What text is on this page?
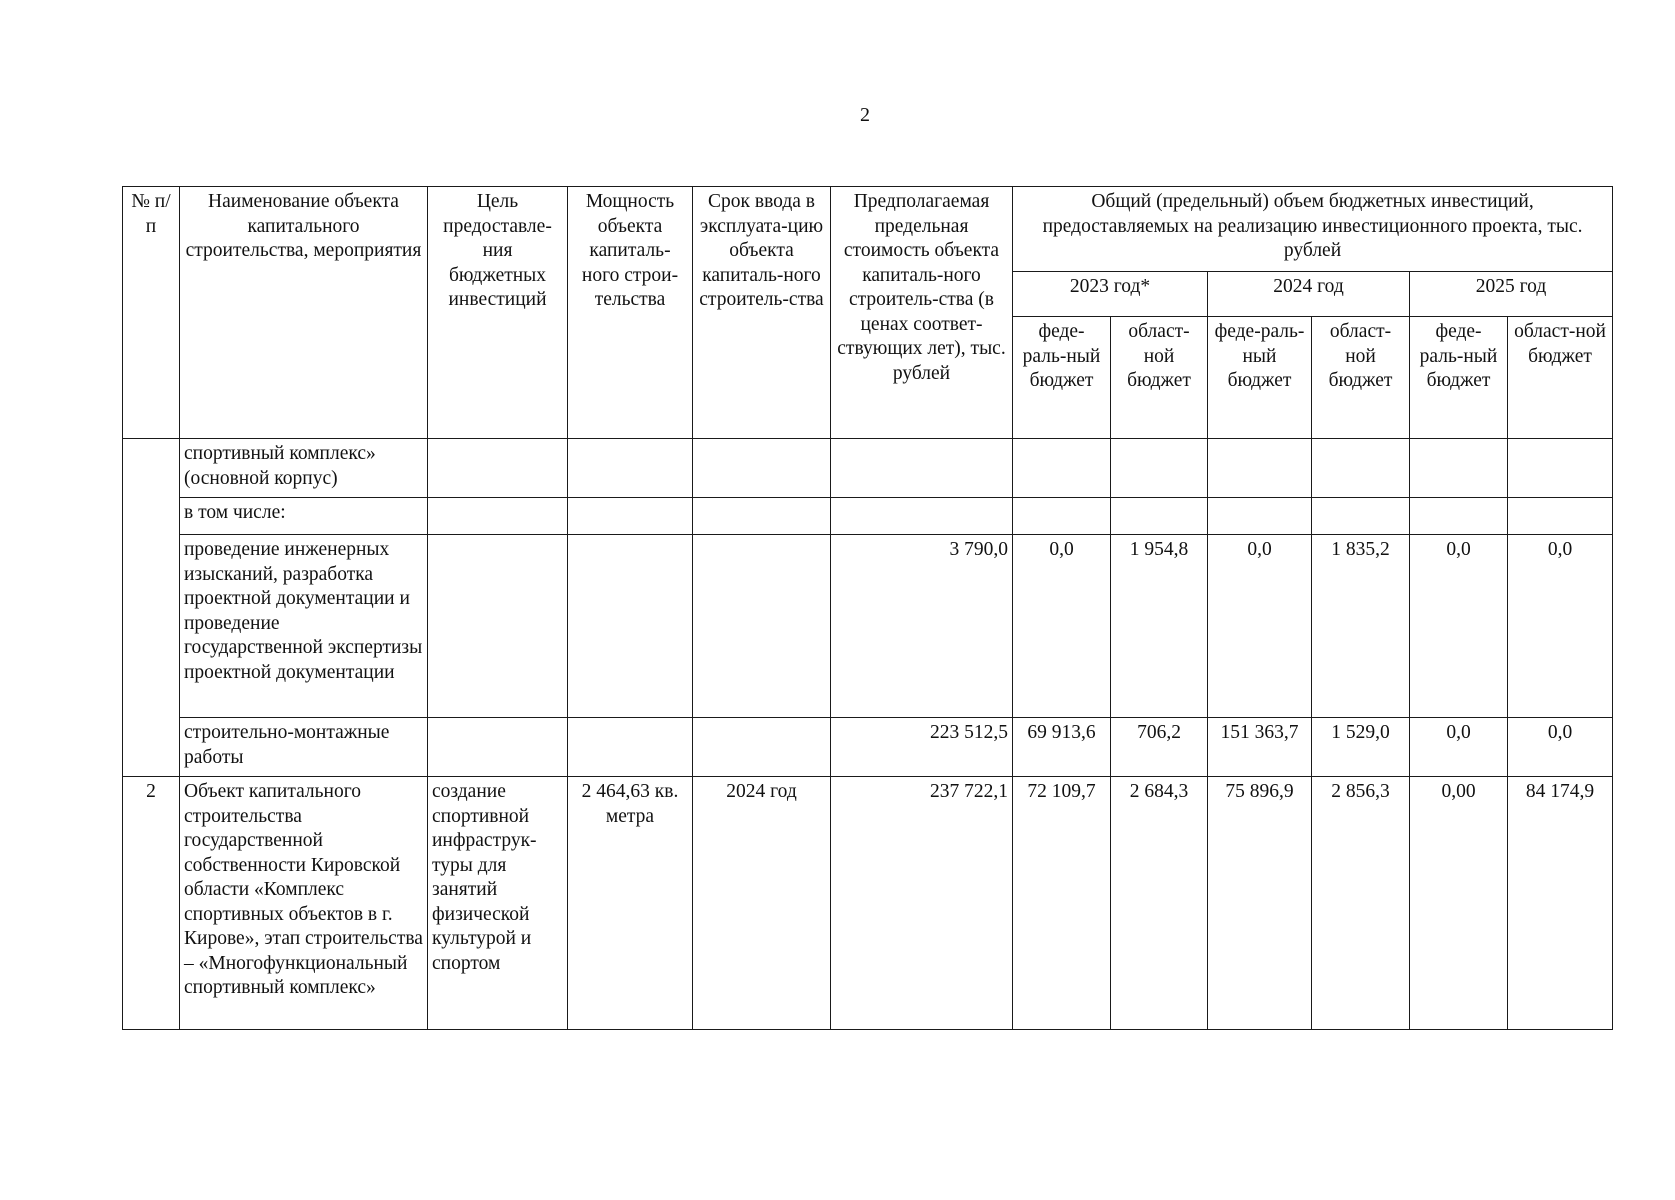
2
№ п/п	Наименование объекта капитального строительства, мероприятия	Цель предоставле-ния бюджетных инвестиций	Мощность объекта капиталь-ного строи-тельства	Срок ввода в эксплуата-цию объекта капиталь-ного строитель-ства	Предполагаемая предельная стоимость объекта капиталь-ного строитель-ства (в ценах соответ-ствующих лет), тыс. рублей	Общий (предельный) объем бюджетных инвестиций, предоставляемых на реализацию инвестиционного проекта, тыс. рублей					
						2023 год*		2024 год		2025 год	
						феде-раль-ный бюджет	област-ной бюджет	феде-раль-ный бюджет	област-ной бюджет	феде-раль-ный бюджет	област-ной бюджет
	спортивный комплекс» (основной корпус)										
	в том числе:										
	проведение инженерных изысканий, разработка проектной документации и проведение государственной экспертизы проектной документации				3 790,0	0,0	1 954,8	0,0	1 835,2	0,0	0,0
	строительно-монтажные работы				223 512,5	69 913,6	706,2	151 363,7	1 529,0	0,0	0,0
2	Объект капитального строительства государственной собственности Кировской области «Комплекс спортивных объектов в г. Кирове», этап строительства – «Многофункциональный спортивный комплекс»	создание спортивной инфраструк-туры для занятий физической культурой и спортом	2 464,63 кв. метра	2024 год	237 722,1	72 109,7	2 684,3	75 896,9	2 856,3	0,00	84 174,9
